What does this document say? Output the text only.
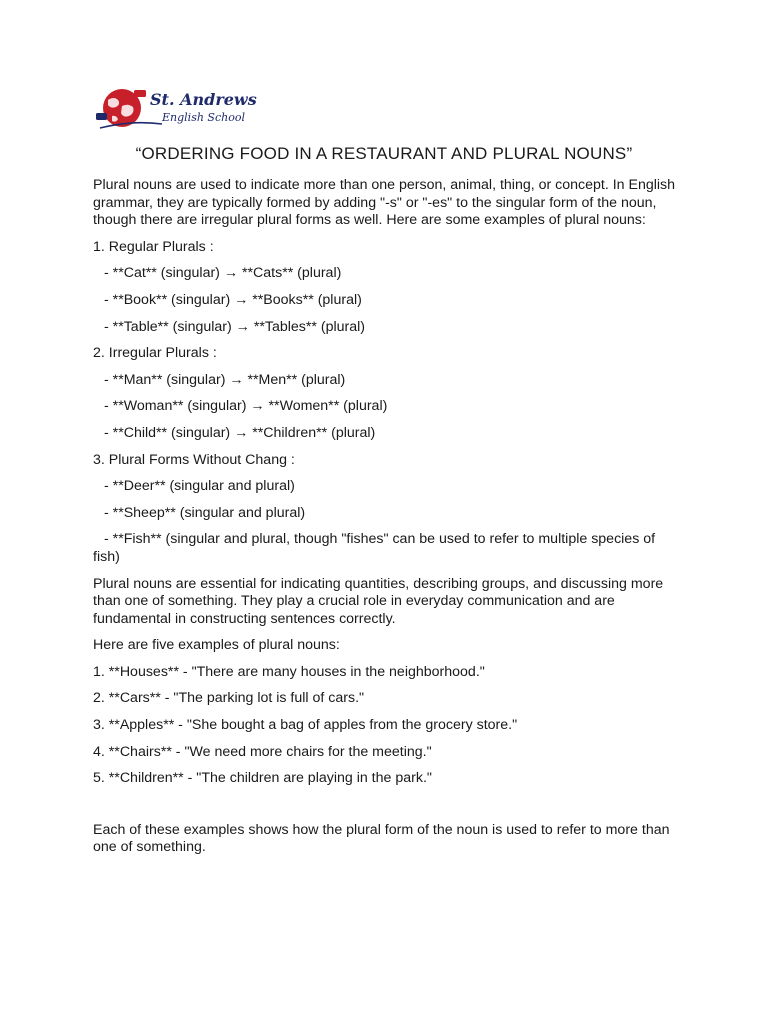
St. Andrews
English School
“ORDERING FOOD IN A RESTAURANT AND PLURAL NOUNS”

Plural nouns are used to indicate more than one person, animal, thing, or concept. In English grammar, they are typically formed by adding "-s" or "-es" to the singular form of the noun, though there are irregular plural forms as well. Here are some examples of plural nouns:

1. Regular Plurals :

- **Cat** (singular) → **Cats** (plural)

- **Book** (singular) → **Books** (plural)

- **Table** (singular) → **Tables** (plural)

2. Irregular Plurals :

- **Man** (singular) → **Men** (plural)

- **Woman** (singular) → **Women** (plural)

- **Child** (singular) → **Children** (plural)

3. Plural Forms Without Chang :

- **Deer** (singular and plural)

- **Sheep** (singular and plural)

- **Fish** (singular and plural, though "fishes" can be used to refer to multiple species of fish)

Plural nouns are essential for indicating quantities, describing groups, and discussing more than one of something. They play a crucial role in everyday communication and are fundamental in constructing sentences correctly.

Here are five examples of plural nouns:

1. **Houses** - "There are many houses in the neighborhood."

2. **Cars** - "The parking lot is full of cars."

3. **Apples** - "She bought a bag of apples from the grocery store."

4. **Chairs** - "We need more chairs for the meeting."

5. **Children** - "The children are playing in the park."

Each of these examples shows how the plural form of the noun is used to refer to more than one of something.
